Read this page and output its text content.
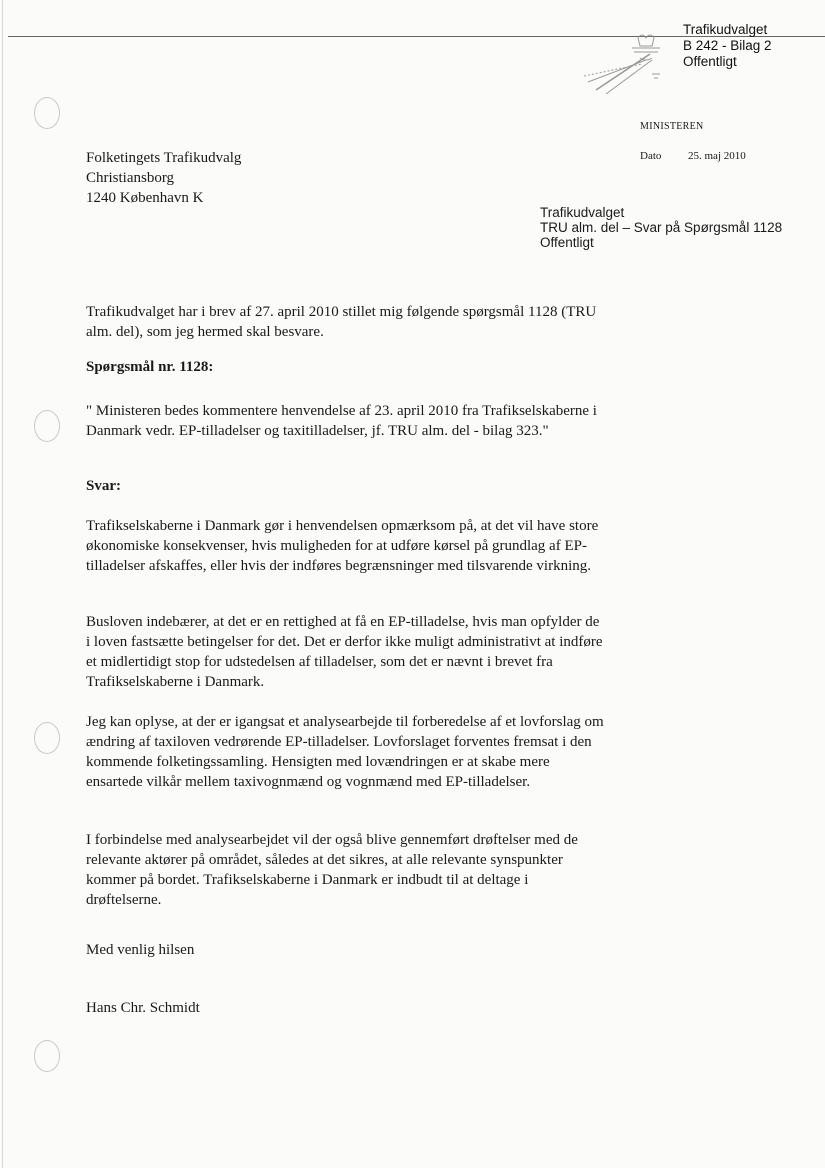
Trafikudvalget
B 242 - Bilag 2
Offentligt
MINISTEREN
Dato 25. maj 2010
Folketingets Trafikudvalg
Christiansborg
1240 København K
Trafikudvalget
TRU alm. del – Svar på Spørgsmål 1128
Offentligt
Trafikudvalget har i brev af 27. april 2010 stillet mig følgende spørgsmål 1128 (TRU alm. del), som jeg hermed skal besvare.
Spørgsmål nr. 1128:
" Ministeren bedes kommentere henvendelse af 23. april 2010 fra Trafikselskaberne i Danmark vedr. EP-tilladelser og taxitilladelser, jf. TRU alm. del - bilag 323."
Svar:
Trafikselskaberne i Danmark gør i henvendelsen opmærksom på, at det vil have store økonomiske konsekvenser, hvis muligheden for at udføre kørsel på grundlag af EP-tilladelser afskaffes, eller hvis der indføres begrænsninger med tilsvarende virkning.
Busloven indebærer, at det er en rettighed at få en EP-tilladelse, hvis man opfylder de i loven fastsætte betingelser for det. Det er derfor ikke muligt administrativt at indføre et midlertidigt stop for udstedelsen af tilladelser, som det er nævnt i brevet fra Trafikselskaberne i Danmark.
Jeg kan oplyse, at der er igangsat et analysearbejde til forberedelse af et lovforslag om ændring af taxiloven vedrørende EP-tilladelser. Lovforslaget forventes fremsat i den kommende folketingssamling. Hensigten med lovændringen er at skabe mere ensartede vilkår mellem taxivognmænd og vognmænd med EP-tilladelser.
I forbindelse med analysearbejdet vil der også blive gennemført drøftelser med de relevante aktører på området, således at det sikres, at alle relevante synspunkter kommer på bordet. Trafikselskaberne i Danmark er indbudt til at deltage i drøftelserne.
Med venlig hilsen
Hans Chr. Schmidt
